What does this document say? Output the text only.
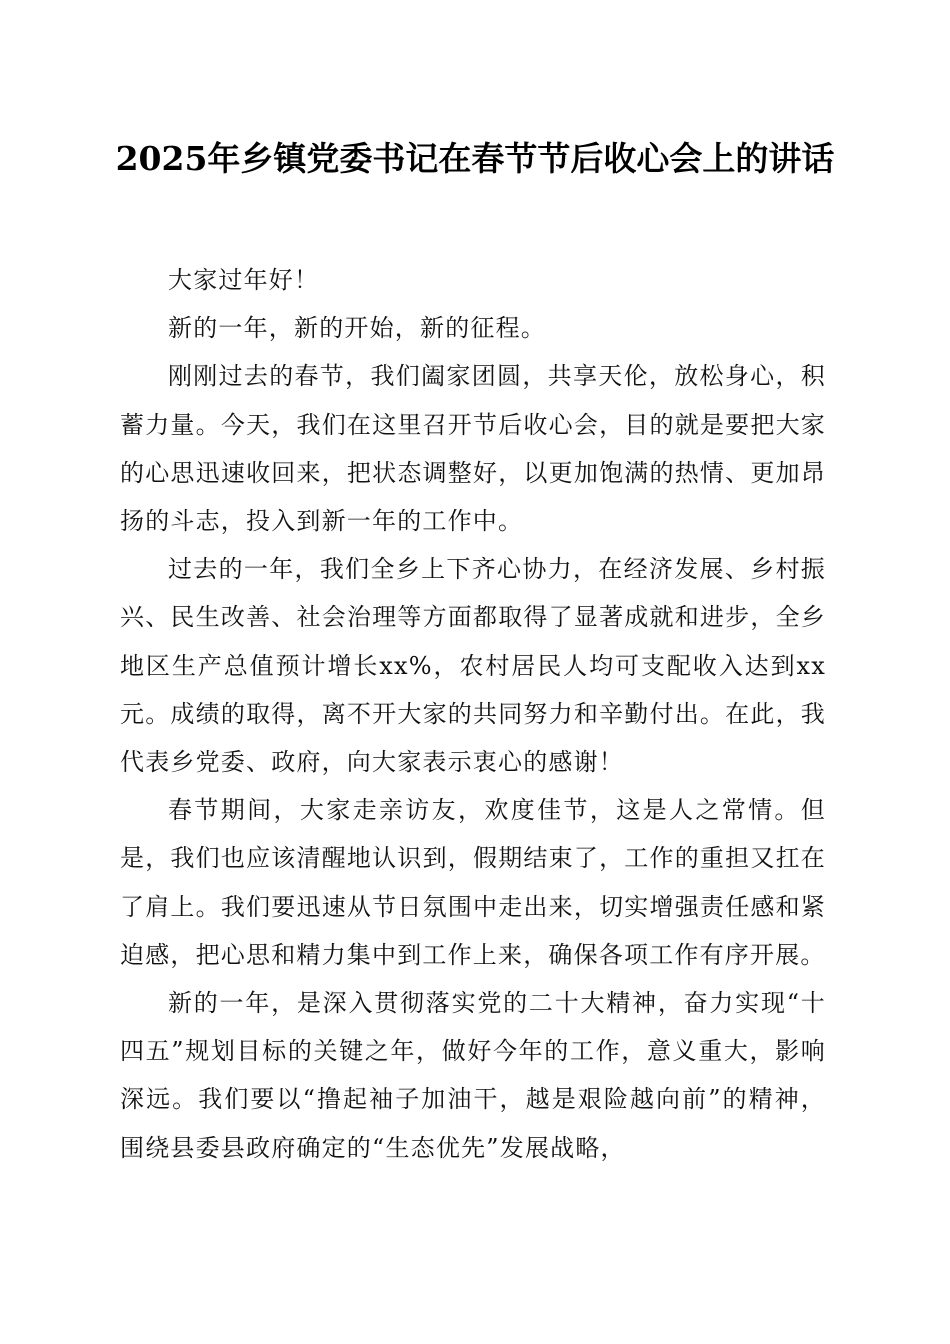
2025年乡镇党委书记在春节节后收心会上的讲话

大家过年好！

新的一年，新的开始，新的征程。

刚刚过去的春节，我们阖家团圆，共享天伦，放松身心，积蓄力量。今天，我们在这里召开节后收心会，目的就是要把大家的心思迅速收回来，把状态调整好，以更加饱满的热情、更加昂扬的斗志，投入到新一年的工作中。

过去的一年，我们全乡上下齐心协力，在经济发展、乡村振兴、民生改善、社会治理等方面都取得了显著成就和进步，全乡地区生产总值预计增长xx%，农村居民人均可支配收入达到xx元。成绩的取得，离不开大家的共同努力和辛勤付出。在此，我代表乡党委、政府，向大家表示衷心的感谢！

春节期间，大家走亲访友，欢度佳节，这是人之常情。但是，我们也应该清醒地认识到，假期结束了，工作的重担又扛在了肩上。我们要迅速从节日氛围中走出来，切实增强责任感和紧迫感，把心思和精力集中到工作上来，确保各项工作有序开展。

新的一年，是深入贯彻落实党的二十大精神，奋力实现“十四五”规划目标的关键之年，做好今年的工作，意义重大，影响深远。我们要以“撸起袖子加油干，越是艰险越向前”的精神，围绕县委县政府确定的“生态优先”发展战略，
